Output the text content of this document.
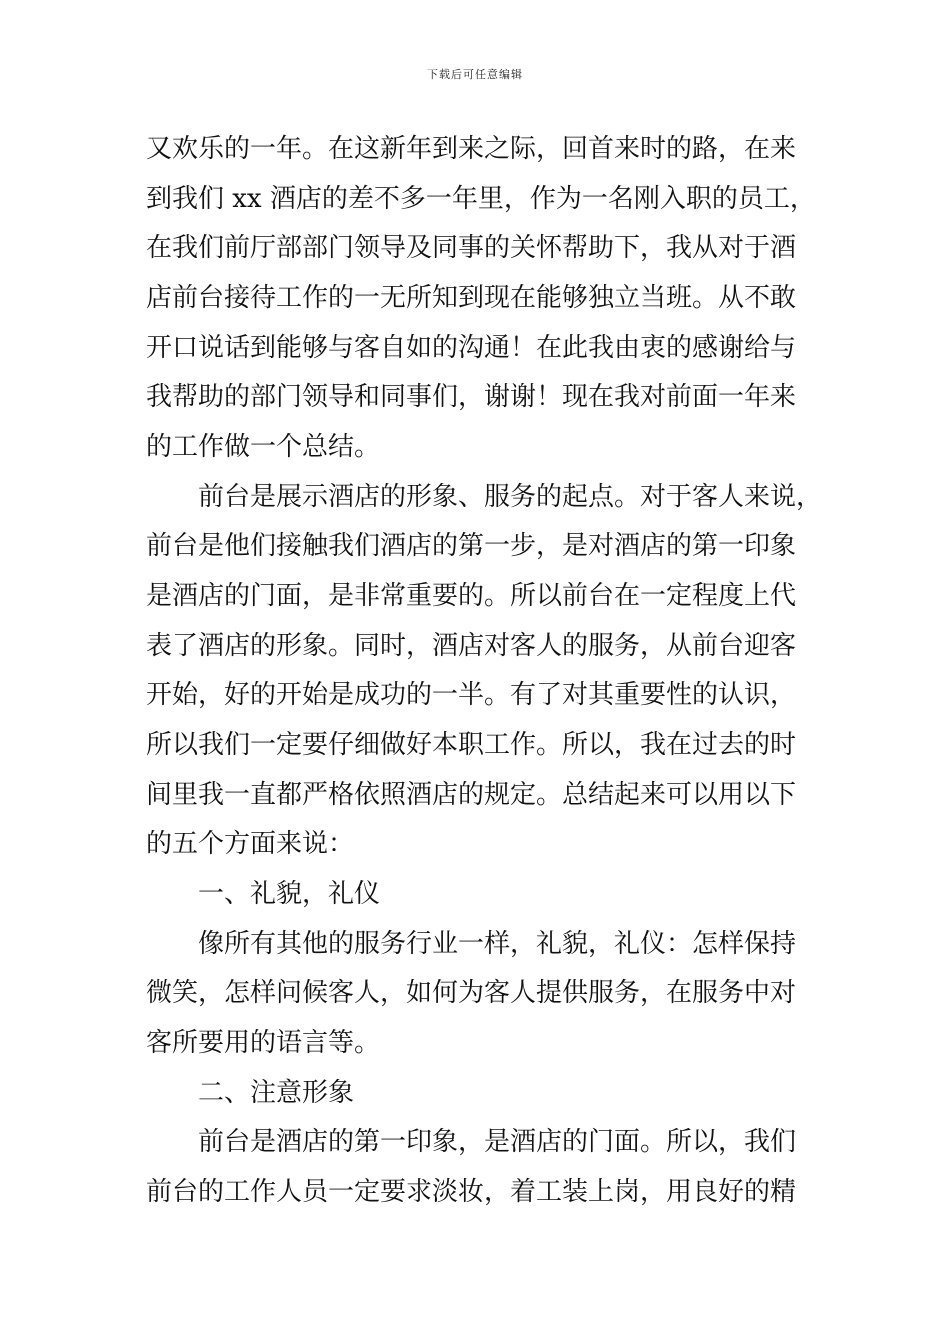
下载后可任意编辑
又欢乐的一年。在这新年到来之际，回首来时的路，在来
到我们 xx 酒店的差不多一年里，作为一名刚入职的员工，
在我们前厅部部门领导及同事的关怀帮助下，我从对于酒
店前台接待工作的一无所知到现在能够独立当班。从不敢
开口说话到能够与客自如的沟通！在此我由衷的感谢给与
我帮助的部门领导和同事们，谢谢！现在我对前面一年来
的工作做一个总结。
前台是展示酒店的形象、服务的起点。对于客人来说，
前台是他们接触我们酒店的第一步，是对酒店的第一印象
是酒店的门面，是非常重要的。所以前台在一定程度上代
表了酒店的形象。同时，酒店对客人的服务，从前台迎客
开始，好的开始是成功的一半。有了对其重要性的认识，
所以我们一定要仔细做好本职工作。所以，我在过去的时
间里我一直都严格依照酒店的规定。总结起来可以用以下
的五个方面来说：
一、礼貌，礼仪
像所有其他的服务行业一样，礼貌，礼仪：怎样保持
微笑，怎样问候客人，如何为客人提供服务，在服务中对
客所要用的语言等。
二、注意形象
前台是酒店的第一印象，是酒店的门面。所以，我们
前台的工作人员一定要求淡妆，着工装上岗，用良好的精
